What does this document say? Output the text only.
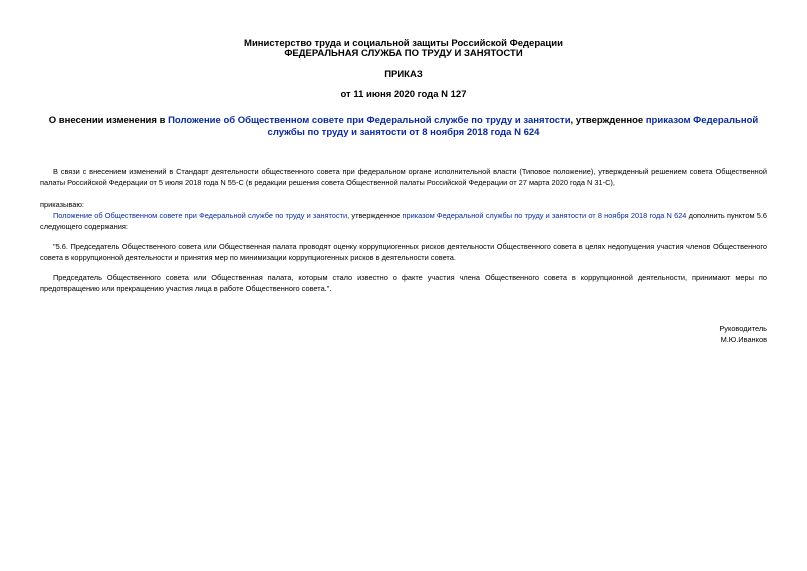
Министерство труда и социальной защиты Российской Федерации
ФЕДЕРАЛЬНАЯ СЛУЖБА ПО ТРУДУ И ЗАНЯТОСТИ
ПРИКАЗ
от 11 июня 2020 года N 127
О внесении изменения в Положение об Общественном совете при Федеральной службе по труду и занятости, утвержденное приказом Федеральной службы по труду и занятости от 8 ноября 2018 года N 624
В связи с внесением изменений в Стандарт деятельности общественного совета при федеральном органе исполнительной власти (Типовое положение), утвержденный решением совета Общественной палаты Российской Федерации от 5 июля 2018 года N 55-С (в редакции решения совета Общественной палаты Российской Федерации от 27 марта 2020 года N 31-С),
приказываю:
Положение об Общественном совете при Федеральной службе по труду и занятости, утвержденное приказом Федеральной службы по труду и занятости от 8 ноября 2018 года N 624 дополнить пунктом 5.6 следующего содержания:
"5.6. Председатель Общественного совета или Общественная палата проводят оценку коррупциогенных рисков деятельности Общественного совета в целях недопущения участия членов Общественного совета в коррупционной деятельности и принятия мер по минимизации коррупциогенных рисков в деятельности совета.
Председатель Общественного совета или Общественная палата, которым стало известно о факте участия члена Общественного совета в коррупционной деятельности, принимают меры по предотвращению или прекращению участия лица в работе Общественного совета.".
Руководитель
М.Ю.Иванков
